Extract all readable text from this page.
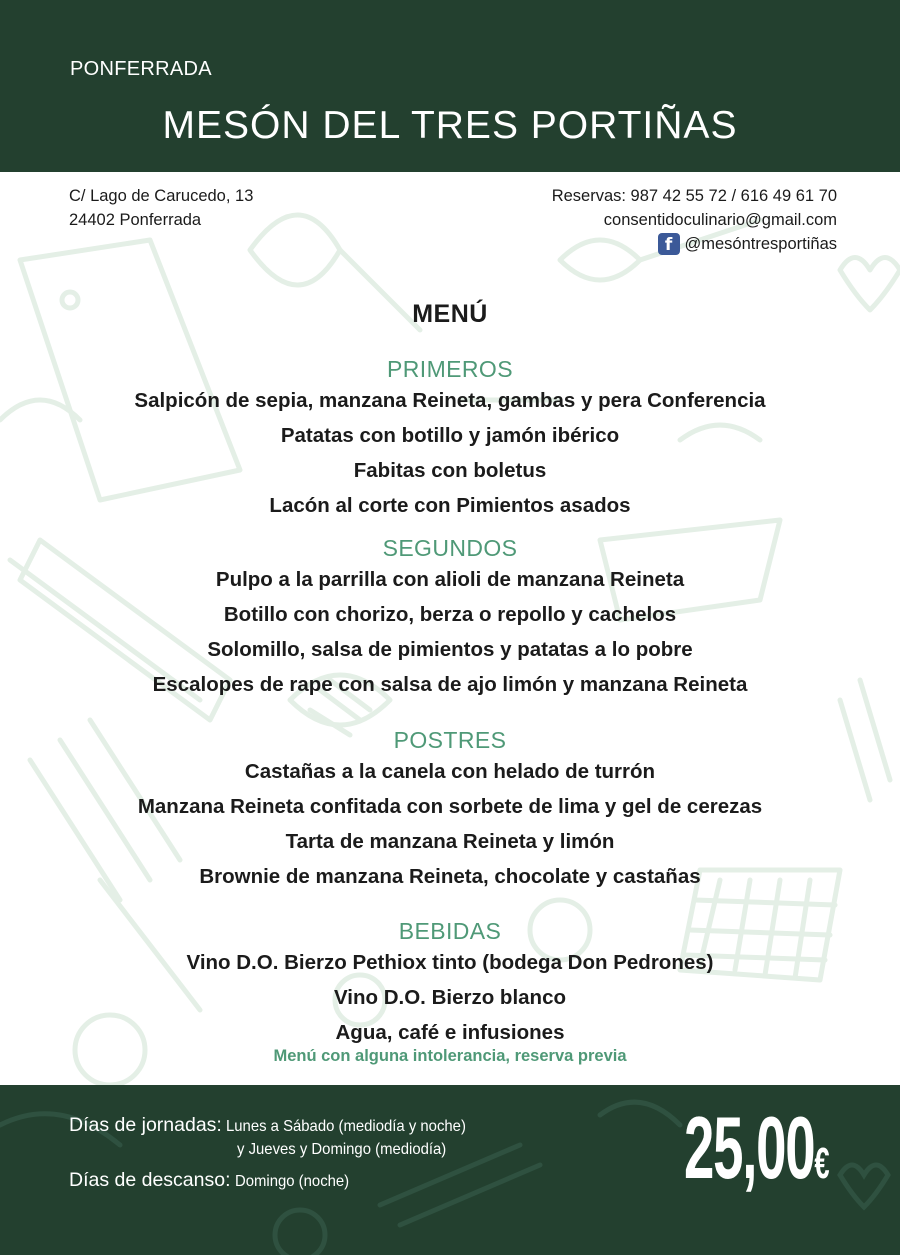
PONFERRADA
MESÓN DEL TRES PORTIÑAS
C/ Lago de Carucedo, 13
24402 Ponferrada
Reservas: 987 42 55 72 / 616 49 61 70
consentidoculinario@gmail.com
f @mesóntresportiñas
MENÚ
PRIMEROS
Salpicón de sepia, manzana Reineta, gambas y pera Conferencia
Patatas con botillo y jamón ibérico
Fabitas con boletus
Lacón al corte con Pimientos asados
SEGUNDOS
Pulpo a la parrilla con alioli de manzana Reineta
Botillo con chorizo, berza o repollo y cachelos
Solomillo, salsa de pimientos y patatas a lo pobre
Escalopes de rape con salsa de ajo limón y manzana Reineta
POSTRES
Castañas a la canela con helado de turrón
Manzana Reineta confitada con sorbete de lima y gel de cerezas
Tarta de manzana Reineta y limón
Brownie de manzana Reineta, chocolate y castañas
BEBIDAS
Vino D.O. Bierzo Pethiox tinto (bodega Don Pedrones)
Vino D.O. Bierzo blanco
Agua, café e infusiones
Menú con alguna intolerancia, reserva previa
Días de jornadas: Lunes a Sábado (mediodía y noche)
y Jueves y Domingo (mediodía)
Días de descanso: Domingo (noche)	25,00€
